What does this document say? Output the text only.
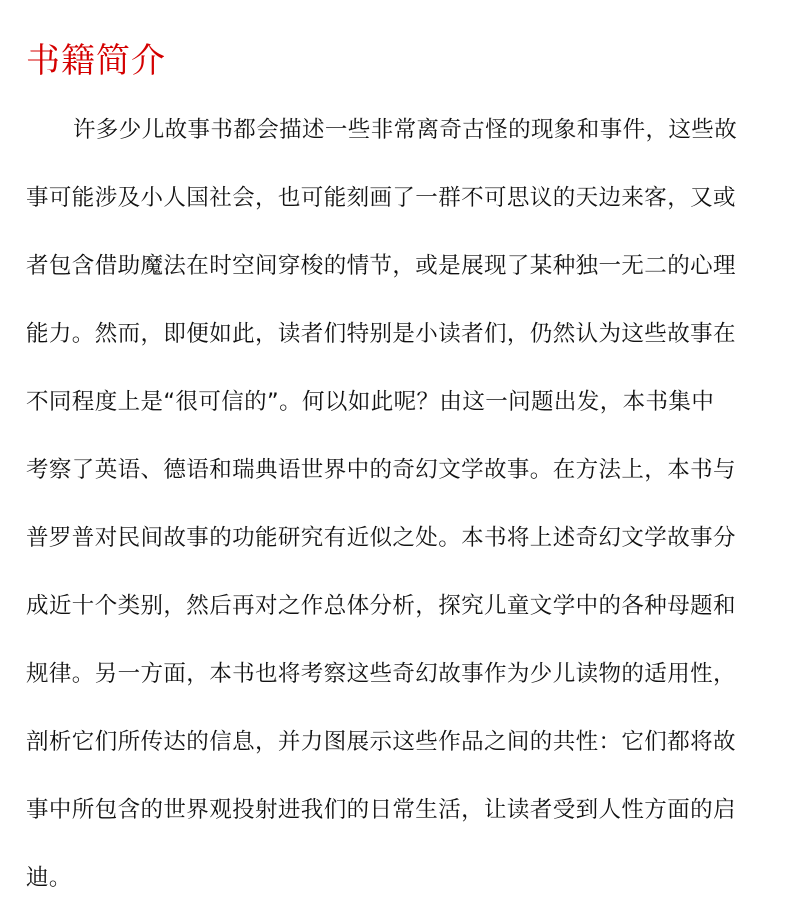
书籍简介
许多少儿故事书都会描述一些非常离奇古怪的现象和事件，这些故
事可能涉及小人国社会，也可能刻画了一群不可思议的天边来客，又或
者包含借助魔法在时空间穿梭的情节，或是展现了某种独一无二的心理
能力。然而，即便如此，读者们特别是小读者们，仍然认为这些故事在
不同程度上是“很可信的”。何以如此呢？由这一问题出发，本书集中
考察了英语、德语和瑞典语世界中的奇幻文学故事。在方法上，本书与
普罗普对民间故事的功能研究有近似之处。本书将上述奇幻文学故事分
成近十个类别，然后再对之作总体分析，探究儿童文学中的各种母题和
规律。另一方面，本书也将考察这些奇幻故事作为少儿读物的适用性，
剖析它们所传达的信息，并力图展示这些作品之间的共性：它们都将故
事中所包含的世界观投射进我们的日常生活，让读者受到人性方面的启
迪。
